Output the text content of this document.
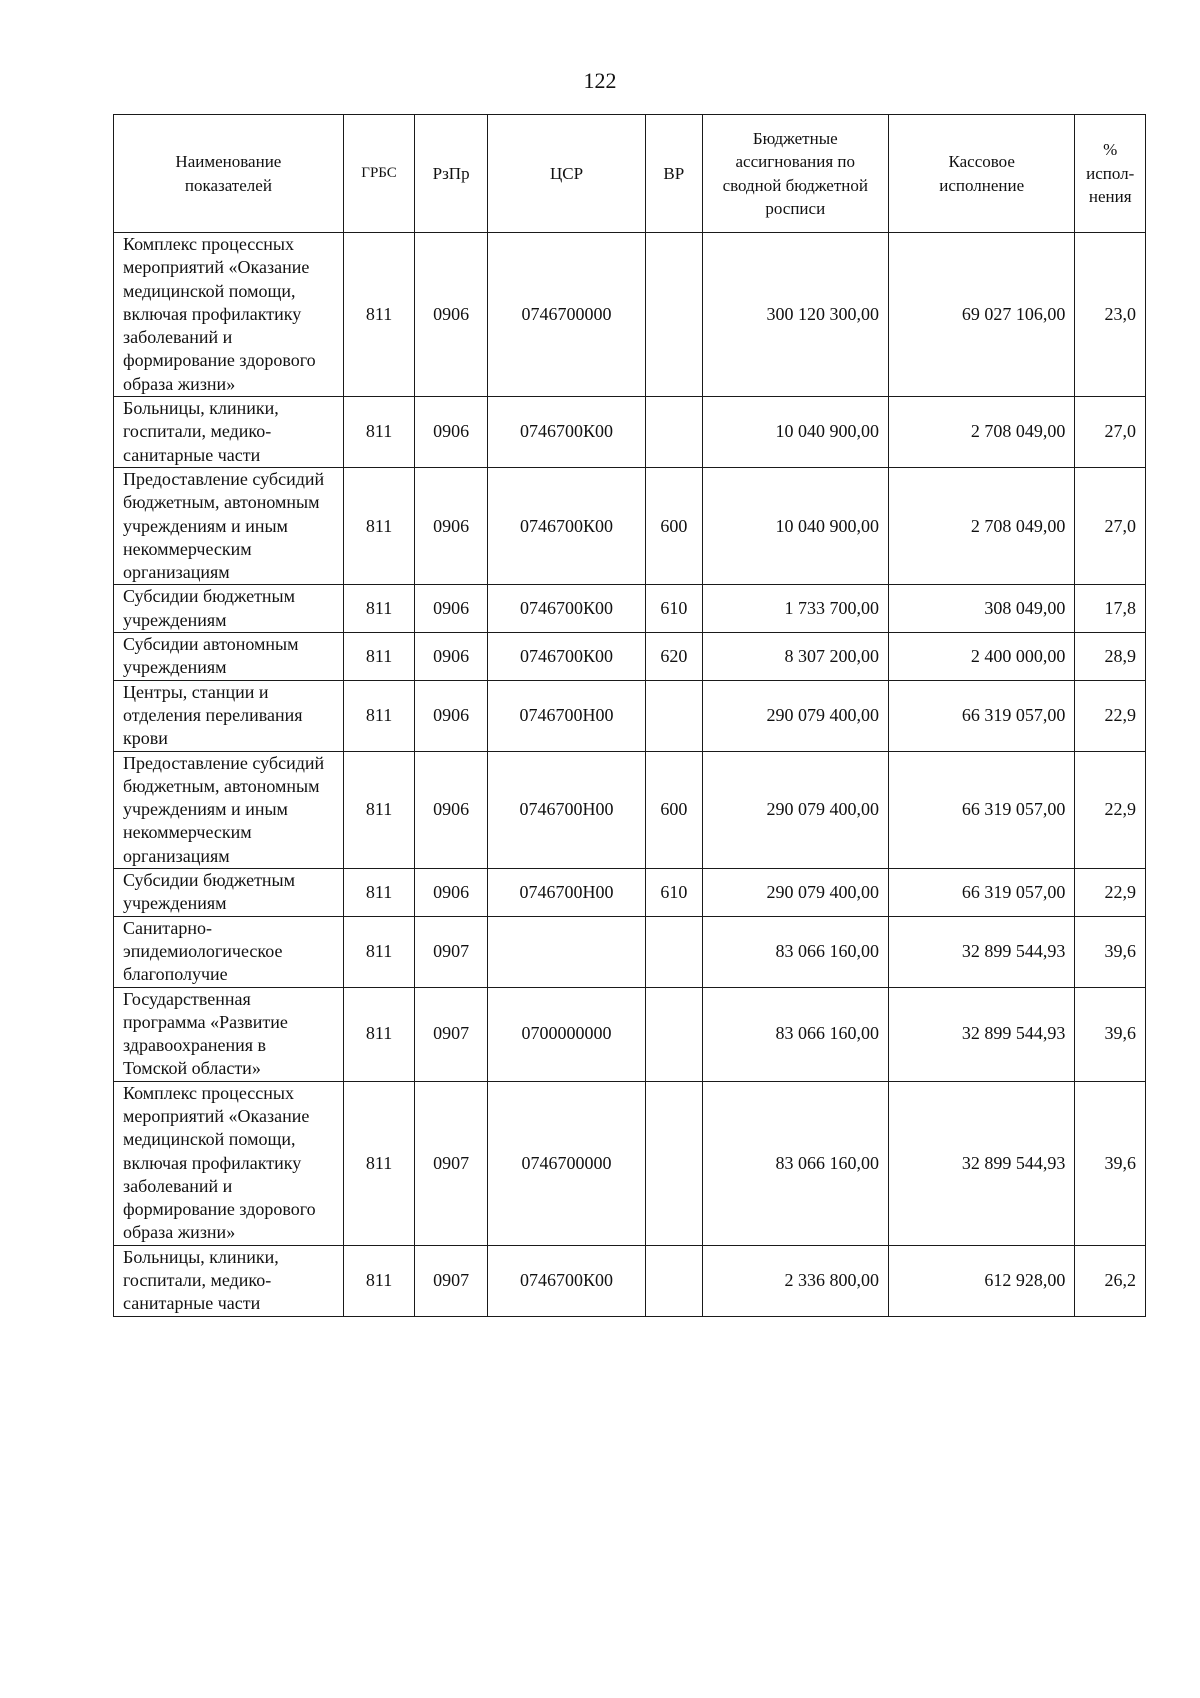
122
Наименование показателей	ГРБС	РзПр	ЦСР	ВР	Бюджетные ассигнования по сводной бюджетной росписи	Кассовое исполнение	%
испол-нения

Комплекс процессных мероприятий «Оказание медицинской помощи, включая профилактику заболеваний и формирование здорового образа жизни»	811	0906	0746700000		300 120 300,00	69 027 106,00	23,0
Больницы, клиники, госпитали, медико-санитарные части	811	0906	0746700К00		10 040 900,00	2 708 049,00	27,0
Предоставление субсидий бюджетным, автономным учреждениям и иным некоммерческим организациям	811	0906	0746700К00	600	10 040 900,00	2 708 049,00	27,0
Субсидии бюджетным учреждениям	811	0906	0746700К00	610	1 733 700,00	308 049,00	17,8
Субсидии автономным учреждениям	811	0906	0746700К00	620	8 307 200,00	2 400 000,00	28,9
Центры, станции и отделения переливания крови	811	0906	0746700Н00		290 079 400,00	66 319 057,00	22,9
Предоставление субсидий бюджетным, автономным учреждениям и иным некоммерческим организациям	811	0906	0746700Н00	600	290 079 400,00	66 319 057,00	22,9
Субсидии бюджетным учреждениям	811	0906	0746700Н00	610	290 079 400,00	66 319 057,00	22,9
Санитарно-эпидемиологическое благополучие	811	0907			83 066 160,00	32 899 544,93	39,6
Государственная программа «Развитие здравоохранения в Томской области»	811	0907	0700000000		83 066 160,00	32 899 544,93	39,6
Комплекс процессных мероприятий «Оказание медицинской помощи, включая профилактику заболеваний и формирование здорового образа жизни»	811	0907	0746700000		83 066 160,00	32 899 544,93	39,6
Больницы, клиники, госпитали, медико-санитарные части	811	0907	0746700К00		2 336 800,00	612 928,00	26,2
